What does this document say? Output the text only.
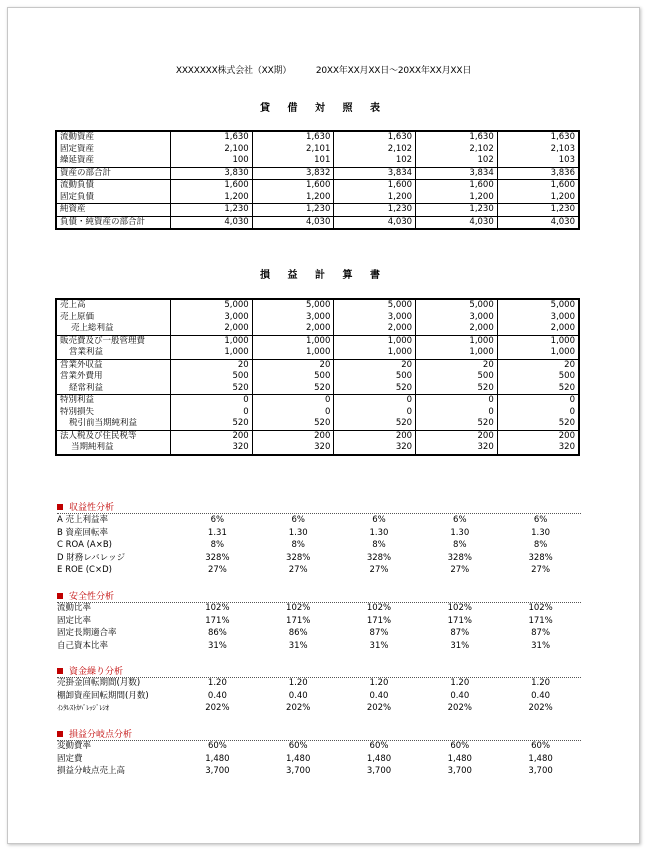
XXXXXXX株式会社（XX期）	20XX年XX月XX日～20XX年XX月XX日
貸 借 対 照 表
流動資産	1,630	1,630	1,630	1,630	1,630
固定資産	2,100	2,101	2,102	2,102	2,103
繰延資産	100	101	102	102	103
資産の部合計	3,830	3,832	3,834	3,834	3,836
流動負債	1,600	1,600	1,600	1,600	1,600
固定負債	1,200	1,200	1,200	1,200	1,200
純資産	1,230	1,230	1,230	1,230	1,230
負債・純資産の部合計	4,030	4,030	4,030	4,030	4,030
損 益 計 算 書
売上高	5,000	5,000	5,000	5,000	5,000
売上原価	3,000	3,000	3,000	3,000	3,000
売上総利益	2,000	2,000	2,000	2,000	2,000
販売費及び一般管理費	1,000	1,000	1,000	1,000	1,000
営業利益	1,000	1,000	1,000	1,000	1,000
営業外収益	20	20	20	20	20
営業外費用	500	500	500	500	500
経常利益	520	520	520	520	520
特別利益	0	0	0	0	0
特別損失	0	0	0	0	0
税引前当期純利益	520	520	520	520	520
法人税及び住民税等	200	200	200	200	200
当期純利益	320	320	320	320	320
収益性分析
A 売上利益率	6%	6%	6%	6%	6%
B 資産回転率	1.31	1.30	1.30	1.30	1.30
C ROA (A×B)	8%	8%	8%	8%	8%
D 財務レバレッジ	328%	328%	328%	328%	328%
E ROE (C×D)	27%	27%	27%	27%	27%
安全性分析
流動比率	102%	102%	102%	102%	102%
固定比率	171%	171%	171%	171%	171%
固定長期適合率	86%	86%	87%	87%	87%
自己資本比率	31%	31%	31%	31%	31%
資金繰り分析
売掛金回転期間(月数)	1.20	1.20	1.20	1.20	1.20
棚卸資産回転期間(月数)	0.40	0.40	0.40	0.40	0.40
ｲﾝﾀﾚｽﾄｶﾊﾞﾚｯｼﾞﾚｼｵ	202%	202%	202%	202%	202%
損益分岐点分析
変動費率	60%	60%	60%	60%	60%
固定費	1,480	1,480	1,480	1,480	1,480
損益分岐点売上高	3,700	3,700	3,700	3,700	3,700
